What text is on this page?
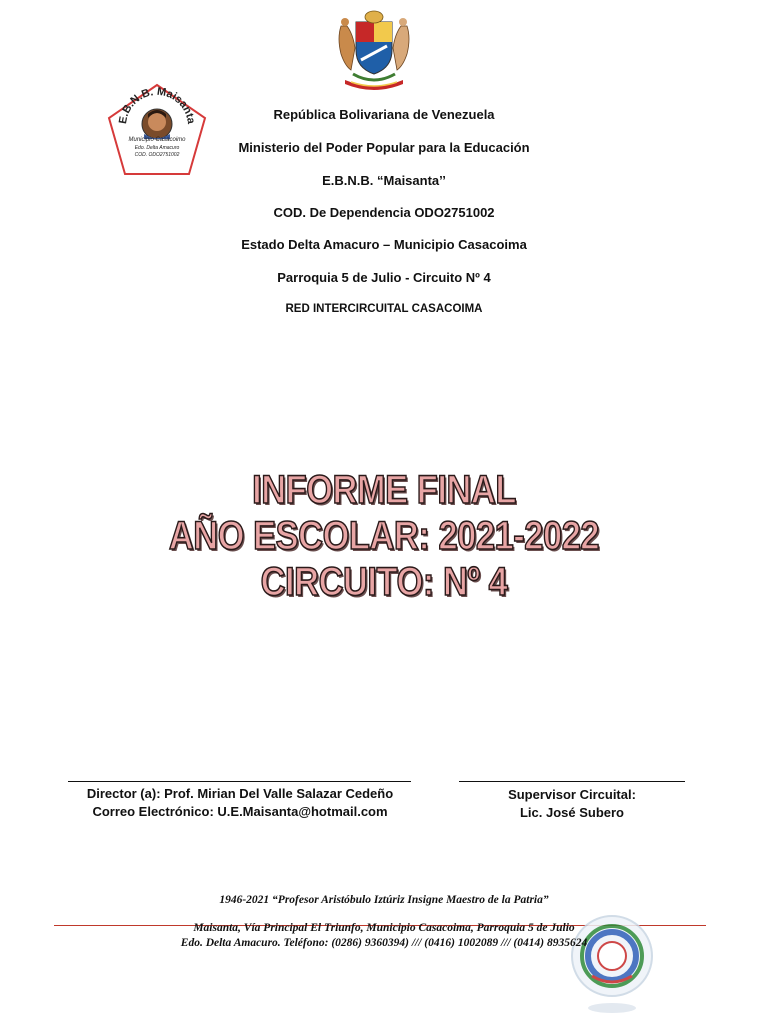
E.B.N.B. Maisanta
Municipio Casacoimo
Edo. Delta Amacuro
COD. ODO2751002
República Bolivariana de Venezuela
Ministerio del Poder Popular para la Educación
E.B.N.B. “Maisanta’’
COD. De Dependencia ODO2751002
Estado Delta Amacuro – Municipio Casacoima
Parroquia 5 de Julio - Circuito Nº 4
RED INTERCIRCUITAL CASACOIMA
INFORME FINAL
AÑO ESCOLAR: 2021-2022
CIRCUITO: Nº 4
Director (a): Prof. Mirian Del Valle Salazar Cedeño
Correo Electrónico: U.E.Maisanta@hotmail.com
Supervisor Circuital:
Lic. José Subero
1946-2021 “Profesor Aristóbulo Iztúriz Insigne Maestro de la Patria”
Maisanta, Vía Principal El Triunfo, Municipio Casacoima, Parroquia 5 de Julio
Edo. Delta Amacuro. Teléfono: (0286) 9360394) /// (0416) 1002089 /// (0414) 8935624
